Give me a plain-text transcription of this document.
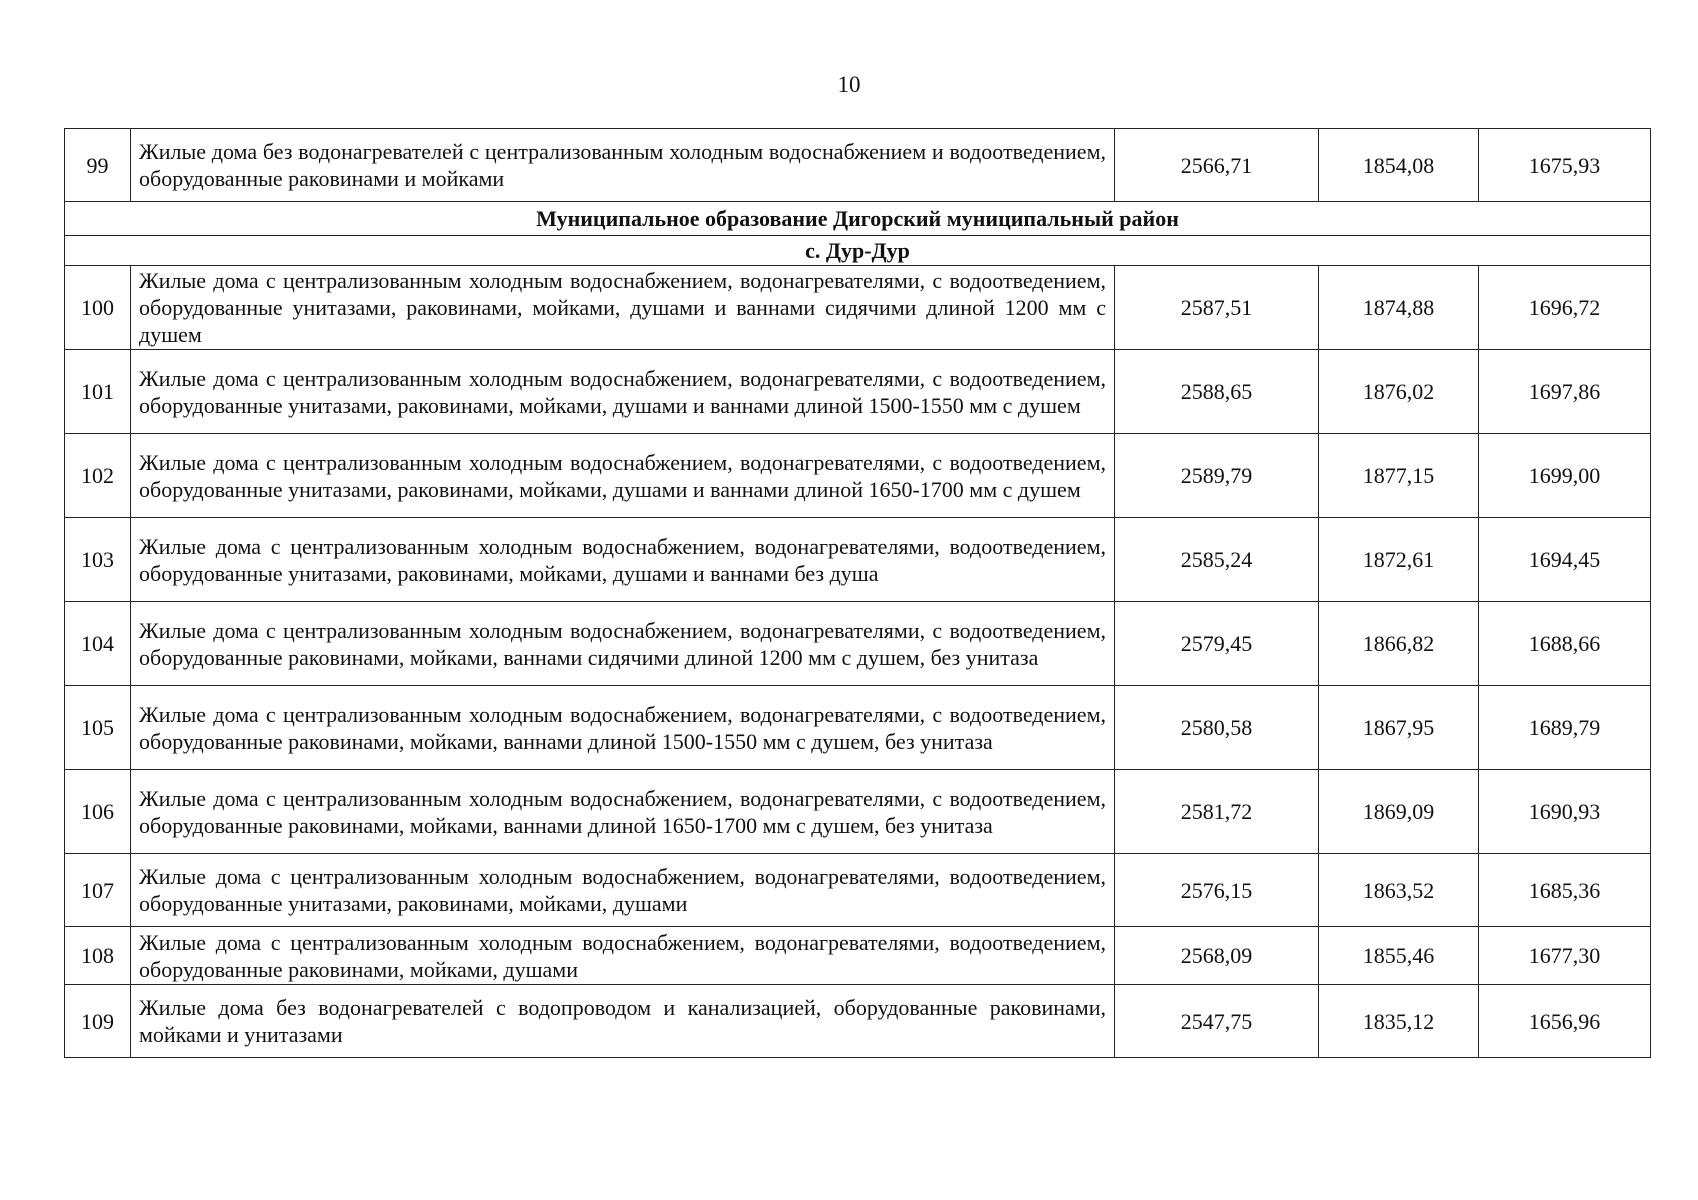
10
99	Жилые дома без водонагревателей с централизованным холодным водоснабжением и водоотведением, оборудованные раковинами и мойками	2566,71	1854,08	1675,93
Муниципальное образование Дигорский муниципальный район				
с. Дур-Дур				
100	Жилые дома с централизованным холодным водоснабжением, водонагревателями, с водоотведением, оборудованные унитазами, раковинами, мойками, душами и ваннами сидячими длиной 1200 мм с душем	2587,51	1874,88	1696,72
101	Жилые дома с централизованным холодным водоснабжением, водонагревателями, с водоотведением, оборудованные унитазами, раковинами, мойками, душами и ваннами длиной 1500-1550 мм с душем	2588,65	1876,02	1697,86
102	Жилые дома с централизованным холодным водоснабжением, водонагревателями, с водоотведением, оборудованные унитазами, раковинами, мойками, душами и ваннами длиной 1650-1700 мм с душем	2589,79	1877,15	1699,00
103	Жилые дома с централизованным холодным водоснабжением, водонагревателями, водоотведением, оборудованные унитазами, раковинами, мойками, душами и ваннами без душа	2585,24	1872,61	1694,45
104	Жилые дома с централизованным холодным водоснабжением, водонагревателями, с водоотведением, оборудованные раковинами, мойками, ваннами сидячими длиной 1200 мм с душем, без унитаза	2579,45	1866,82	1688,66
105	Жилые дома с централизованным холодным водоснабжением, водонагревателями, с водоотведением, оборудованные раковинами, мойками, ваннами длиной 1500-1550 мм с душем, без унитаза	2580,58	1867,95	1689,79
106	Жилые дома с централизованным холодным водоснабжением, водонагревателями, с водоотведением, оборудованные раковинами, мойками, ваннами длиной 1650-1700 мм с душем, без унитаза	2581,72	1869,09	1690,93
107	Жилые дома с централизованным холодным водоснабжением, водонагревателями, водоотведением, оборудованные унитазами, раковинами, мойками, душами	2576,15	1863,52	1685,36
108	Жилые дома с централизованным холодным водоснабжением, водонагревателями, водоотведением, оборудованные раковинами, мойками, душами	2568,09	1855,46	1677,30
109	Жилые дома без водонагревателей с водопроводом и канализацией, оборудованные раковинами, мойками и унитазами	2547,75	1835,12	1656,96
